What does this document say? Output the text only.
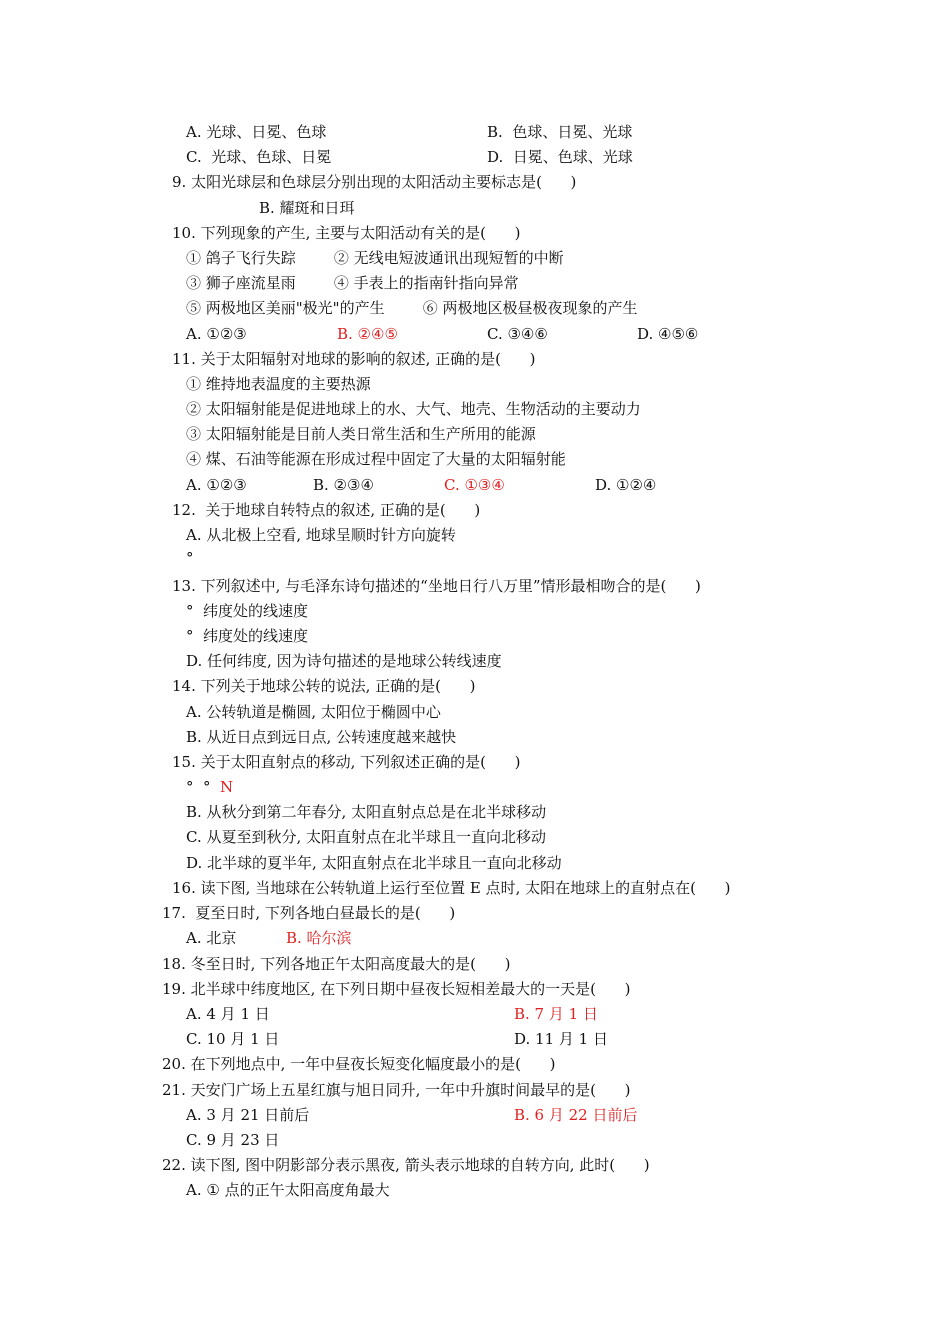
A. 光球、日冕、色球	B.  色球、日冕、光球
C.  光球、色球、日冕	D.  日冕、色球、光球
9. 太阳光球层和色球层分别出现的太阳活动主要标志是(      )
B. 耀斑和日珥
10. 下列现象的产生, 主要与太阳活动有关的是(      )
① 鸽子飞行失踪        ② 无线电短波通讯出现短暂的中断
③ 狮子座流星雨        ④ 手表上的指南针指向异常
⑤ 两极地区美丽"极光"的产生        ⑥ 两极地区极昼极夜现象的产生
A. ①②③	B. ②④⑤	C. ③④⑥	D. ④⑤⑥
11. 关于太阳辐射对地球的影响的叙述, 正确的是(      )
① 维持地表温度的主要热源
② 太阳辐射能是促进地球上的水、大气、地壳、生物活动的主要动力
③ 太阳辐射能是目前人类日常生活和生产所用的能源
④ 煤、石油等能源在形成过程中固定了大量的太阳辐射能
A. ①②③	B. ②③④	C. ①③④	D. ①②④
12.  关于地球自转特点的叙述, 正确的是(      )
A. 从北极上空看, 地球呈顺时针方向旋转
°
13. 下列叙述中, 与毛泽东诗句描述的“坐地日行八万里”情形最相吻合的是(      )
°  纬度处的线速度
°  纬度处的线速度
D. 任何纬度, 因为诗句描述的是地球公转线速度
14. 下列关于地球公转的说法, 正确的是(      )
A. 公转轨道是椭圆, 太阳位于椭圆中心
B. 从近日点到远日点, 公转速度越来越快
15. 关于太阳直射点的移动, 下列叙述正确的是(      )
°  ° N
B. 从秋分到第二年春分, 太阳直射点总是在北半球移动
C. 从夏至到秋分, 太阳直射点在北半球且一直向北移动
D. 北半球的夏半年, 太阳直射点在北半球且一直向北移动
16. 读下图, 当地球在公转轨道上运行至位置 E 点时, 太阳在地球上的直射点在(      )
17.  夏至日时, 下列各地白昼最长的是(      )
A. 北京	B. 哈尔滨
18. 冬至日时, 下列各地正午太阳高度最大的是(      )
19. 北半球中纬度地区, 在下列日期中昼夜长短相差最大的一天是(      )
A. 4 月 1 日	B. 7 月 1 日
C. 10 月 1 日	D. 11 月 1 日
20. 在下列地点中, 一年中昼夜长短变化幅度最小的是(      )
21. 天安门广场上五星红旗与旭日同升, 一年中升旗时间最早的是(      )
A. 3 月 21 日前后	B. 6 月 22 日前后
C. 9 月 23 日
22. 读下图, 图中阴影部分表示黑夜, 箭头表示地球的自转方向, 此时(      )
A. ① 点的正午太阳高度角最大
